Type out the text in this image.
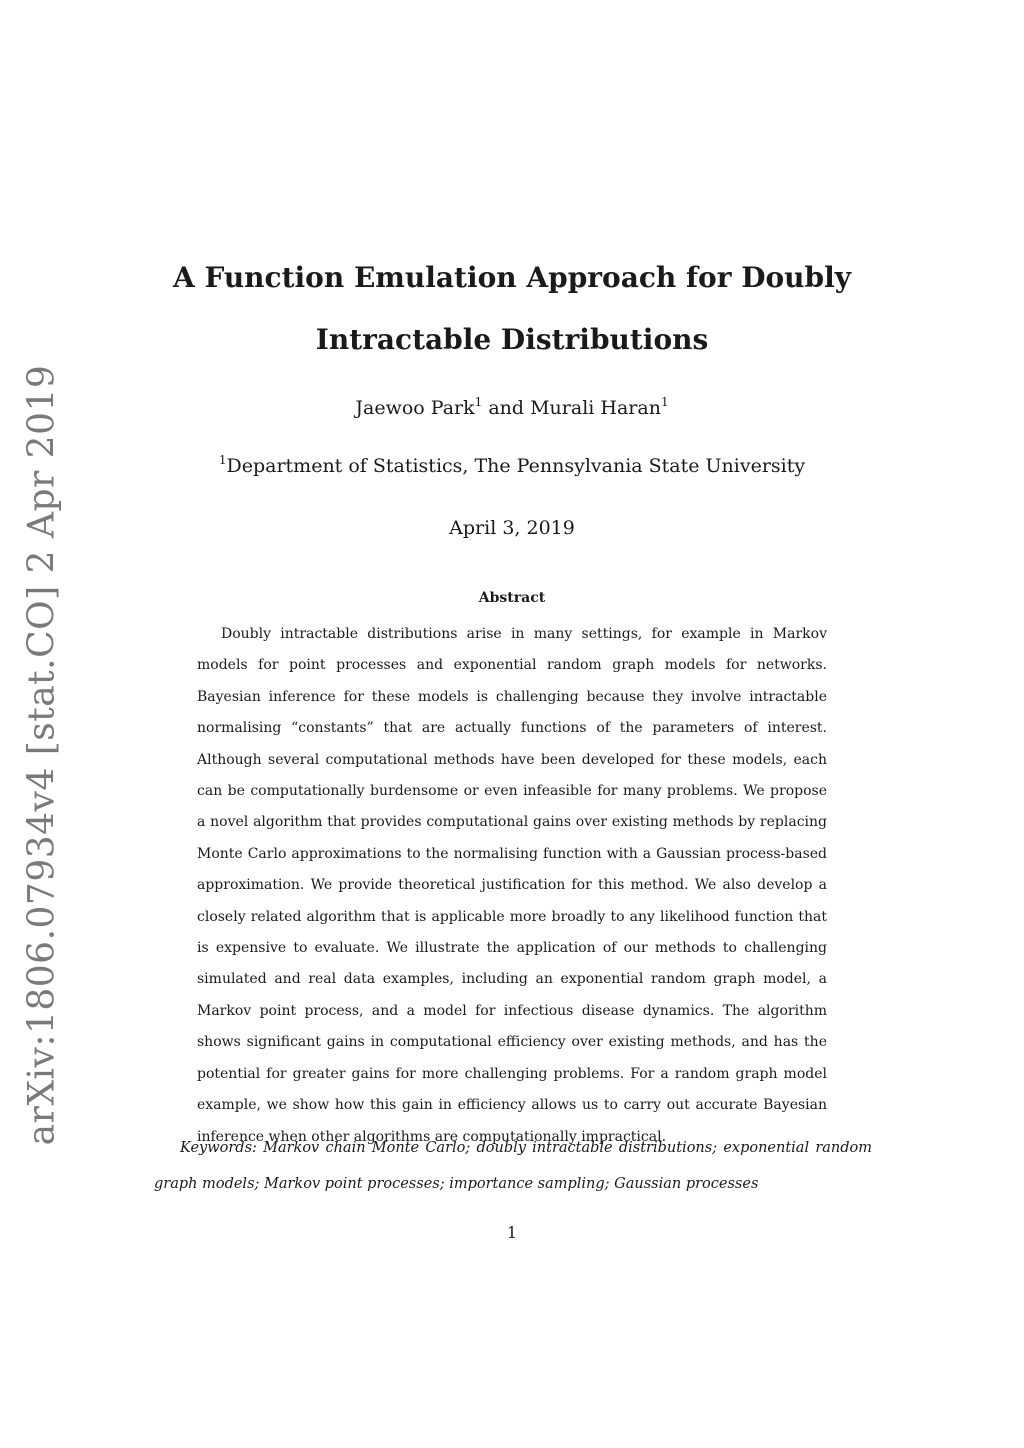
arXiv:1806.07934v4 [stat.CO] 2 Apr 2019
A Function Emulation Approach for Doubly Intractable Distributions
Jaewoo Park$^1$ and Murali Haran$^1$
$^1$Department of Statistics, The Pennsylvania State University
April 3, 2019
Abstract

Doubly intractable distributions arise in many settings, for example in Markov models for point processes and exponential random graph models for networks. Bayesian inference for these models is challenging because they involve intractable normalising “constants” that are actually functions of the parameters of interest. Although several computational methods have been developed for these models, each can be computationally burdensome or even infeasible for many problems. We propose a novel algorithm that provides computational gains over existing methods by replacing Monte Carlo approximations to the normalising function with a Gaussian process-based approximation. We provide theoretical justification for this method. We also develop a closely related algorithm that is applicable more broadly to any likelihood function that is expensive to evaluate. We illustrate the application of our methods to challenging simulated and real data examples, including an exponential random graph model, a Markov point process, and a model for infectious disease dynamics. The algorithm shows significant gains in computational efficiency over existing methods, and has the potential for greater gains for more challenging problems. For a random graph model example, we show how this gain in efficiency allows us to carry out accurate Bayesian inference when other algorithms are computationally impractical.

Keywords: Markov chain Monte Carlo; doubly intractable distributions; exponential random graph models; Markov point processes; importance sampling; Gaussian processes

1
